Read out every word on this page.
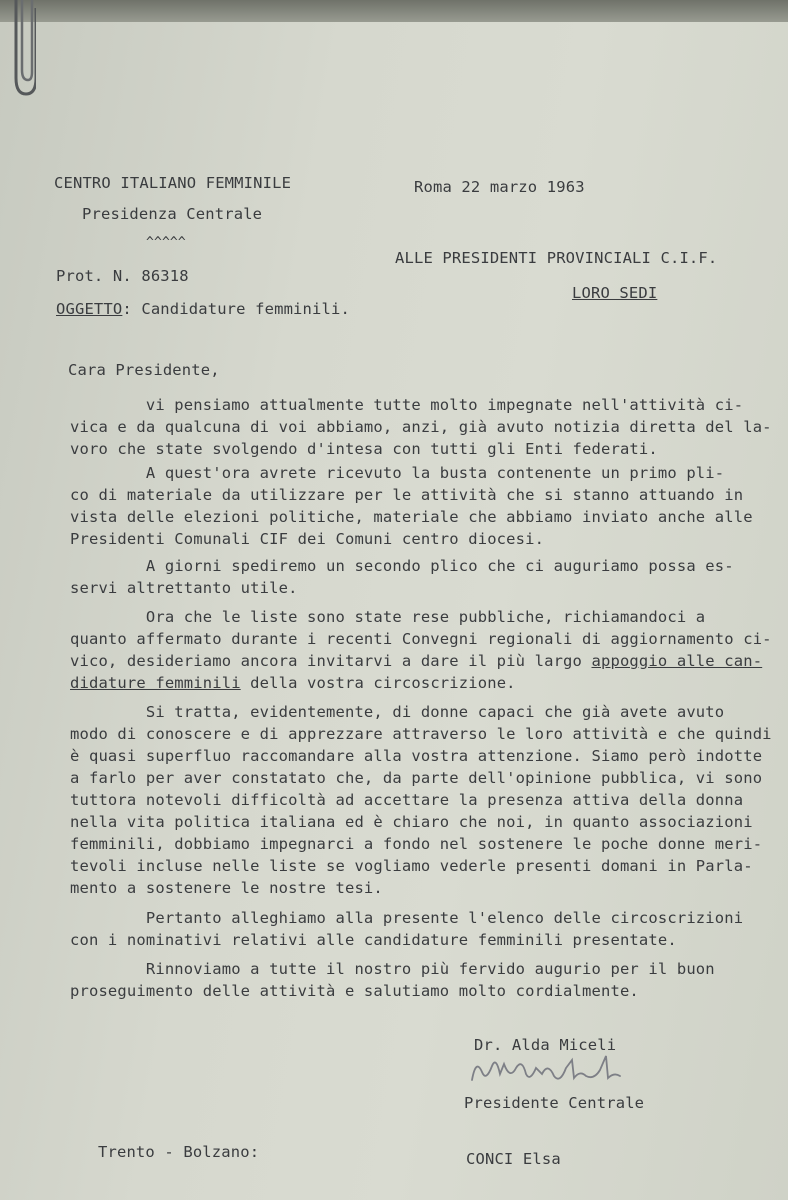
CENTRO ITALIANO FEMMINILE
Presidenza Centrale
^^^^^
Roma 22 marzo 1963
ALLE PRESIDENTI PROVINCIALI C.I.F.
LORO SEDI
Prot. N. 86318
OGGETTO: Candidature femminili.
Cara Presidente,
vi pensiamo attualmente tutte molto impegnate nell'attività ci-
vica e da qualcuna di voi abbiamo, anzi, già avuto notizia diretta del la-
voro che state svolgendo d'intesa con tutti gli Enti federati.
A quest'ora avrete ricevuto la busta contenente un primo pli-
co di materiale da utilizzare per le attività che si stanno attuando in
vista delle elezioni politiche, materiale che abbiamo inviato anche alle
Presidenti Comunali CIF dei Comuni centro diocesi.
A giorni spediremo un secondo plico che ci auguriamo possa es-
servi altrettanto utile.
Ora che le liste sono state rese pubbliche, richiamandoci a
quanto affermato durante i recenti Convegni regionali di aggiornamento ci-
vico, desideriamo ancora invitarvi a dare il più largo appoggio alle can-
didature femminili della vostra circoscrizione.
Si tratta, evidentemente, di donne capaci che già avete avuto
modo di conoscere e di apprezzare attraverso le loro attività e che quindi
è quasi superfluo raccomandare alla vostra attenzione. Siamo però indotte
a farlo per aver constatato che, da parte dell'opinione pubblica, vi sono
tuttora notevoli difficoltà ad accettare la presenza attiva della donna
nella vita politica italiana ed è chiaro che noi, in quanto associazioni
femminili, dobbiamo impegnarci a fondo nel sostenere le poche donne meri-
tevoli incluse nelle liste se vogliamo vederle presenti domani in Parla-
mento a sostenere le nostre tesi.
Pertanto alleghiamo alla presente l'elenco delle circoscrizioni
con i nominativi relativi alle candidature femminili presentate.
Rinnoviamo a tutte il nostro più fervido augurio per il buon
proseguimento delle attività e salutiamo molto cordialmente.
Dr. Alda Miceli
Presidente Centrale
Trento - Bolzano:	CONCI Elsa
